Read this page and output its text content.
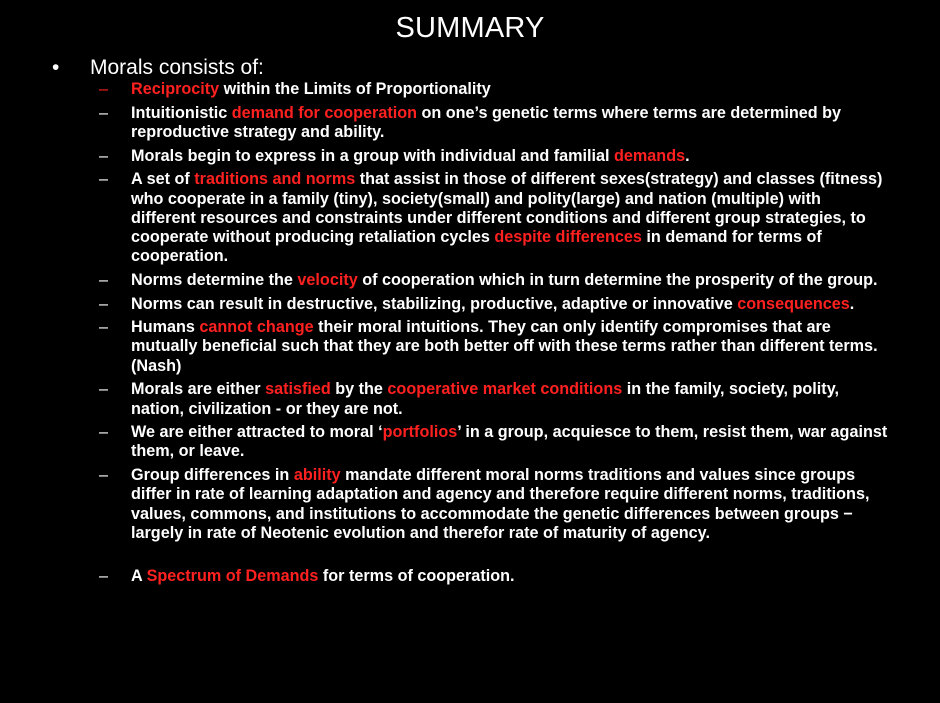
SUMMARY
• Morals consists of:
– Reciprocity within the Limits of Proportionality
– Intuitionistic demand for cooperation on one’s genetic terms where terms are determined by reproductive strategy and ability.
– Morals begin to express in a group with individual and familial demands.
– A set of traditions and norms that assist in those of different sexes(strategy) and classes (fitness) who cooperate in a family (tiny), society(small) and polity(large) and nation (multiple) with different resources and constraints under different conditions and different group strategies, to cooperate without producing retaliation cycles despite differences in demand for terms of cooperation.
– Norms determine the velocity of cooperation which in turn determine the prosperity of the group.
– Norms can result in destructive, stabilizing, productive, adaptive or innovative consequences.
– Humans cannot change their moral intuitions. They can only identify compromises that are mutually beneficial such that they are both better off with these terms rather than different terms. (Nash)
– Morals are either satisfied by the cooperative market conditions in the family, society, polity, nation, civilization - or they are not.
– We are either attracted to moral ‘portfolios’ in a group, acquiesce to them, resist them, war against them, or leave.
– Group differences in ability mandate different moral norms traditions and values since groups differ in rate of learning adaptation and agency and therefore require different norms, traditions, values, commons, and institutions to accommodate the genetic differences between groups − largely in rate of Neotenic evolution and therefor rate of maturity of agency.
– A Spectrum of Demands for terms of cooperation.
